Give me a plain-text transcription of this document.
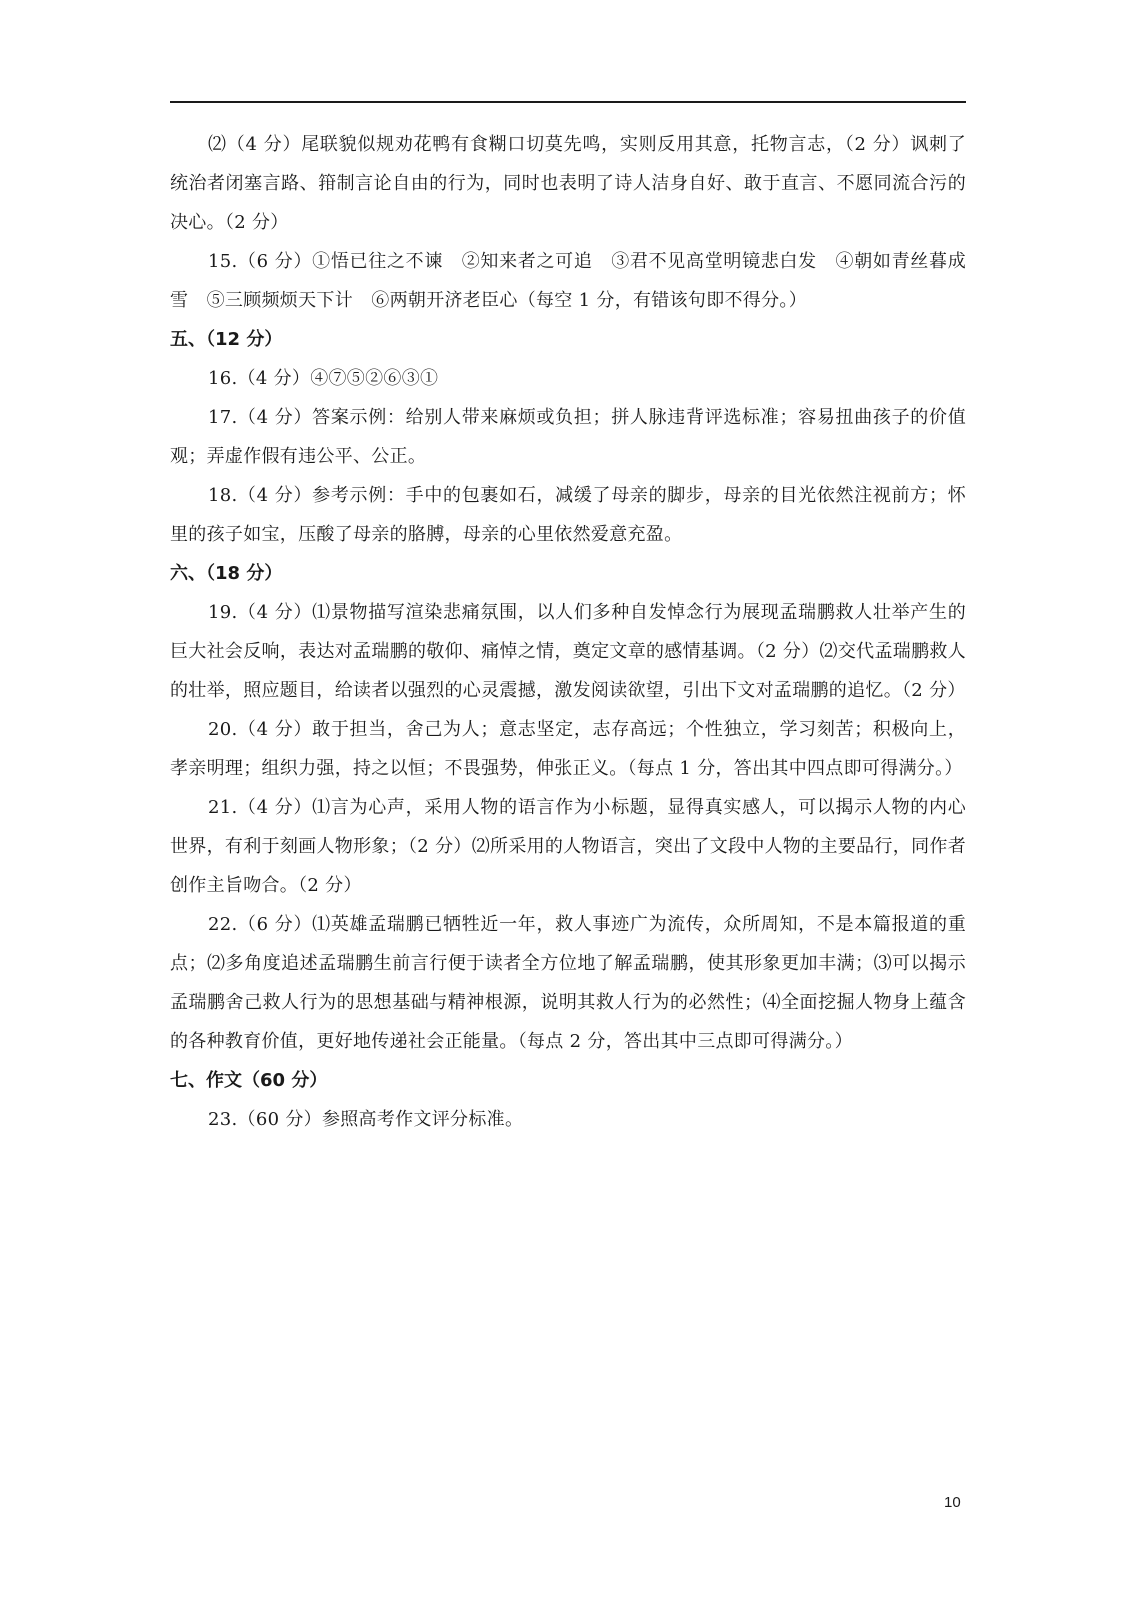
⑵（4 分）尾联貌似规劝花鸭有食糊口切莫先鸣，实则反用其意，托物言志，（2 分）讽刺了统治者闭塞言路、箝制言论自由的行为，同时也表明了诗人洁身自好、敢于直言、不愿同流合污的决心。（2 分）

15.（6 分）①悟已往之不谏　②知来者之可追　③君不见高堂明镜悲白发　④朝如青丝暮成雪　⑤三顾频烦天下计　⑥两朝开济老臣心（每空 1 分，有错该句即不得分。）

五、（12 分）

16.（4 分）④⑦⑤②⑥③①

17.（4 分）答案示例：给别人带来麻烦或负担；拼人脉违背评选标准；容易扭曲孩子的价值观；弄虚作假有违公平、公正。

18.（4 分）参考示例：手中的包裹如石，减缓了母亲的脚步，母亲的目光依然注视前方；怀里的孩子如宝，压酸了母亲的胳膊，母亲的心里依然爱意充盈。

六、（18 分）

19.（4 分）⑴景物描写渲染悲痛氛围，以人们多种自发悼念行为展现孟瑞鹏救人壮举产生的巨大社会反响，表达对孟瑞鹏的敬仰、痛悼之情，奠定文章的感情基调。（2 分）⑵交代孟瑞鹏救人的壮举，照应题目，给读者以强烈的心灵震撼，激发阅读欲望，引出下文对孟瑞鹏的追忆。（2 分）

20.（4 分）敢于担当，舍己为人；意志坚定，志存高远；个性独立，学习刻苦；积极向上，孝亲明理；组织力强，持之以恒；不畏强势，伸张正义。（每点 1 分，答出其中四点即可得满分。）

21.（4 分）⑴言为心声，采用人物的语言作为小标题，显得真实感人，可以揭示人物的内心世界，有利于刻画人物形象；（2 分）⑵所采用的人物语言，突出了文段中人物的主要品行，同作者创作主旨吻合。（2 分）

22.（6 分）⑴英雄孟瑞鹏已牺牲近一年，救人事迹广为流传，众所周知，不是本篇报道的重点；⑵多角度追述孟瑞鹏生前言行便于读者全方位地了解孟瑞鹏，使其形象更加丰满；⑶可以揭示孟瑞鹏舍己救人行为的思想基础与精神根源，说明其救人行为的必然性；⑷全面挖掘人物身上蕴含的各种教育价值，更好地传递社会正能量。（每点 2 分，答出其中三点即可得满分。）

七、作文（60 分）

23.（60 分）参照高考作文评分标准。

10
